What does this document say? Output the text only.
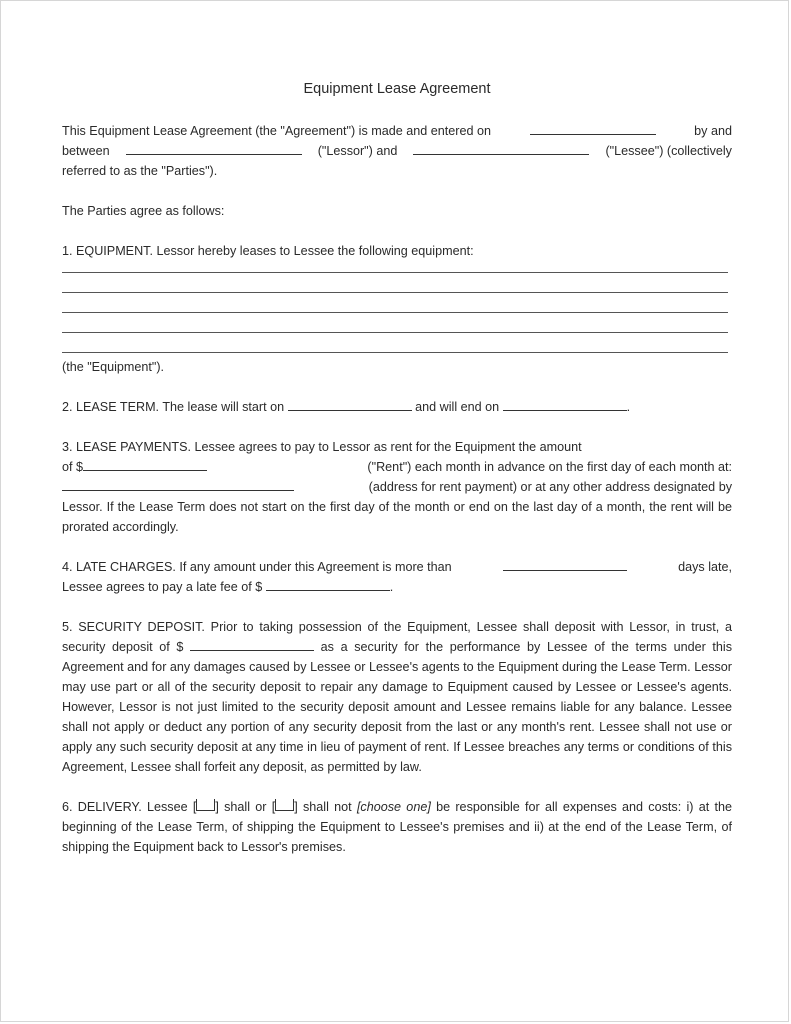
Equipment Lease Agreement

This Equipment Lease Agreement (the "Agreement") is made and entered on	by and
between	("Lessor") and	("Lessee") (collectively
referred to as the "Parties").

The Parties agree as follows:

1. EQUIPMENT. Lessor hereby leases to Lessee the following equipment:

(the "Equipment").

2. LEASE TERM. The lease will start on	and will end on	.

3. LEASE PAYMENTS. Lessee agrees to pay to Lessor as rent for the Equipment the amount
of $	("Rent") each month in advance on the first day of each month at:
(address for rent payment) or at any other address designated by
Lessor. If the Lease Term does not start on the first day of the month or end on the last day of a month, the rent will be prorated accordingly.

4. LATE CHARGES. If any amount under this Agreement is more than	days late,
Lessee agrees to pay a late fee of $	.

5. SECURITY DEPOSIT. Prior to taking possession of the Equipment, Lessee shall deposit with Lessor, in trust, a security deposit of $	as a security for the performance by Lessee of the terms under this Agreement and for any damages caused by Lessee or Lessee's agents to the Equipment during the Lease Term. Lessor may use part or all of the security deposit to repair any damage to Equipment caused by Lessee or Lessee's agents. However, Lessor is not just limited to the security deposit amount and Lessee remains liable for any balance. Lessee shall not apply or deduct any portion of any security deposit from the last or any month's rent. Lessee shall not use or apply any such security deposit at any time in lieu of payment of rent. If Lessee breaches any terms or conditions of this Agreement, Lessee shall forfeit any deposit, as permitted by law.

6. DELIVERY. Lessee [ ] shall or [ ] shall not [choose one] be responsible for all expenses and costs: i) at the beginning of the Lease Term, of shipping the Equipment to Lessee's premises and ii) at the end of the Lease Term, of shipping the Equipment back to Lessor's premises.
